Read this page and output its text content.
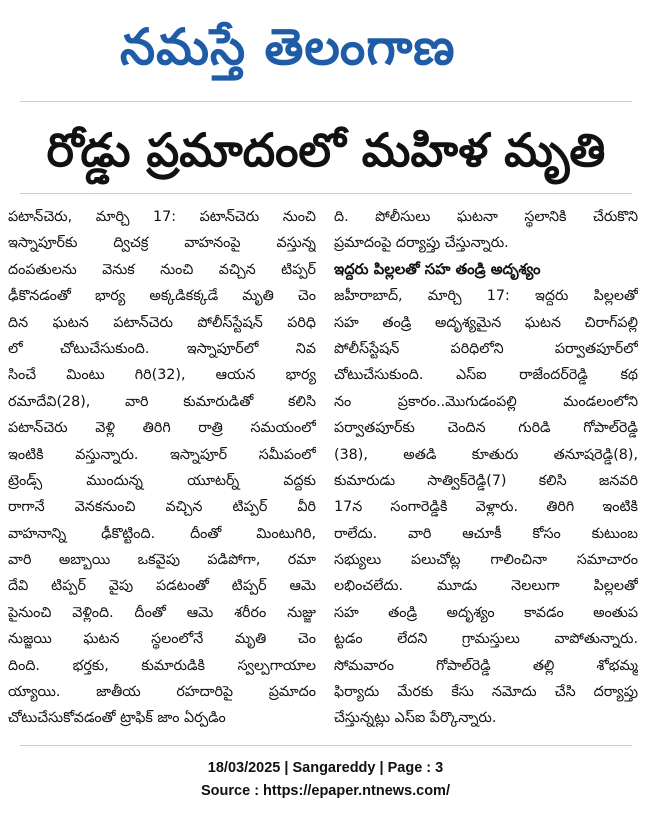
నమస్తే తెలంగాణ
రోడ్డు ప్రమాదంలో మహిళ మృతి
పటాన్‌చెరు, మార్చి 17: పటాన్‌చెరు నుంచి
ఇస్నాపూర్‌కు ద్విచక్ర వాహనంపై వస్తున్న
దంపతులను వెనుక నుంచి వచ్చిన టిప్పర్
ఢీకొనడంతో భార్య అక్కడికక్కడే మృతి చెం
దిన ఘటన పటాన్‌చెరు పోలీస్‌స్టేషన్ పరిధి
లో చోటుచేసుకుంది. ఇస్నాపూర్‌లో నివ
సించే మింటు గిరి(32), ఆయన భార్య
రమాదేవి(28), వారి కుమారుడితో కలిసి
పటాన్‌చెరు వెళ్లి తిరిగి రాత్రి సమయంలో
ఇంటికి వస్తున్నారు. ఇస్నాపూర్ సమీపంలో
ట్రెండ్స్ ముందున్న యూటర్న్ వద్దకు
రాగానే వెనకనుంచి వచ్చిన టిప్పర్ వీరి
వాహనాన్ని ఢీకొట్టింది. దీంతో మింటుగిరి,
వారి అబ్బాయి ఒకవైపు పడిపోగా, రమా
దేవి టిప్పర్ వైపు పడటంతో టిప్పర్ ఆమె
పైనుంచి వెళ్లింది. దీంతో ఆమె శరీరం నుజ్జు
నుజ్జయి ఘటన స్థలంలోనే మృతి చెం
దింది. భర్తకు, కుమారుడికి స్వల్పగాయాల
య్యాయి. జాతీయ రహదారిపై ప్రమాదం
చోటుచేసుకోవడంతో ట్రాఫిక్ జాం ఏర్పడిం
ది. పోలీసులు ఘటనా స్థలానికి చేరుకొని
ప్రమాదంపై దర్యాప్తు చేస్తున్నారు.
ఇద్దరు పిల్లలతో సహ తండ్రి అదృశ్యం
జహీరాబాద్, మార్చి 17: ఇద్దరు పిల్లలతో
సహ తండ్రి అదృశ్యమైన ఘటన చిరాగ్‌పల్లి
పోలీస్‌స్టేషన్ పరిధిలోని పర్వాతపూర్‌లో
చోటుచేసుకుంది. ఎస్ఐ రాజేందర్‌రెడ్డి కథ
నం ప్రకారం..మొగుడంపల్లి మండలంలోని
పర్వాతపూర్‌కు చెందిన గురిడి గోపాల్‌రెడ్డి
(38), అతడి కూతురు తనూషరెడ్డి(8),
కుమారుడు సాత్విక్‌రెడ్డి(7) కలిసి జనవరి
17న సంగారెడ్డికి వెళ్లారు. తిరిగి ఇంటికి
రాలేదు. వారి ఆచూకీ కోసం కుటుంబ
సభ్యులు పలుచోట్ల గాలించినా సమాచారం
లభించలేదు. మూడు నెలలుగా పిల్లలతో
సహ తండ్రి అదృశ్యం కావడం అంతుప
ట్టడం లేదని గ్రామస్తులు వాపోతున్నారు.
సోమవారం గోపాల్‌రెడ్డి తల్లి శోభమ్మ
ఫిర్యాదు మేరకు కేసు నమోదు చేసి దర్యాప్తు
చేస్తున్నట్లు ఎస్ఐ పేర్కొన్నారు.
18/03/2025 | Sangareddy | Page : 3
Source : https://epaper.ntnews.com/
